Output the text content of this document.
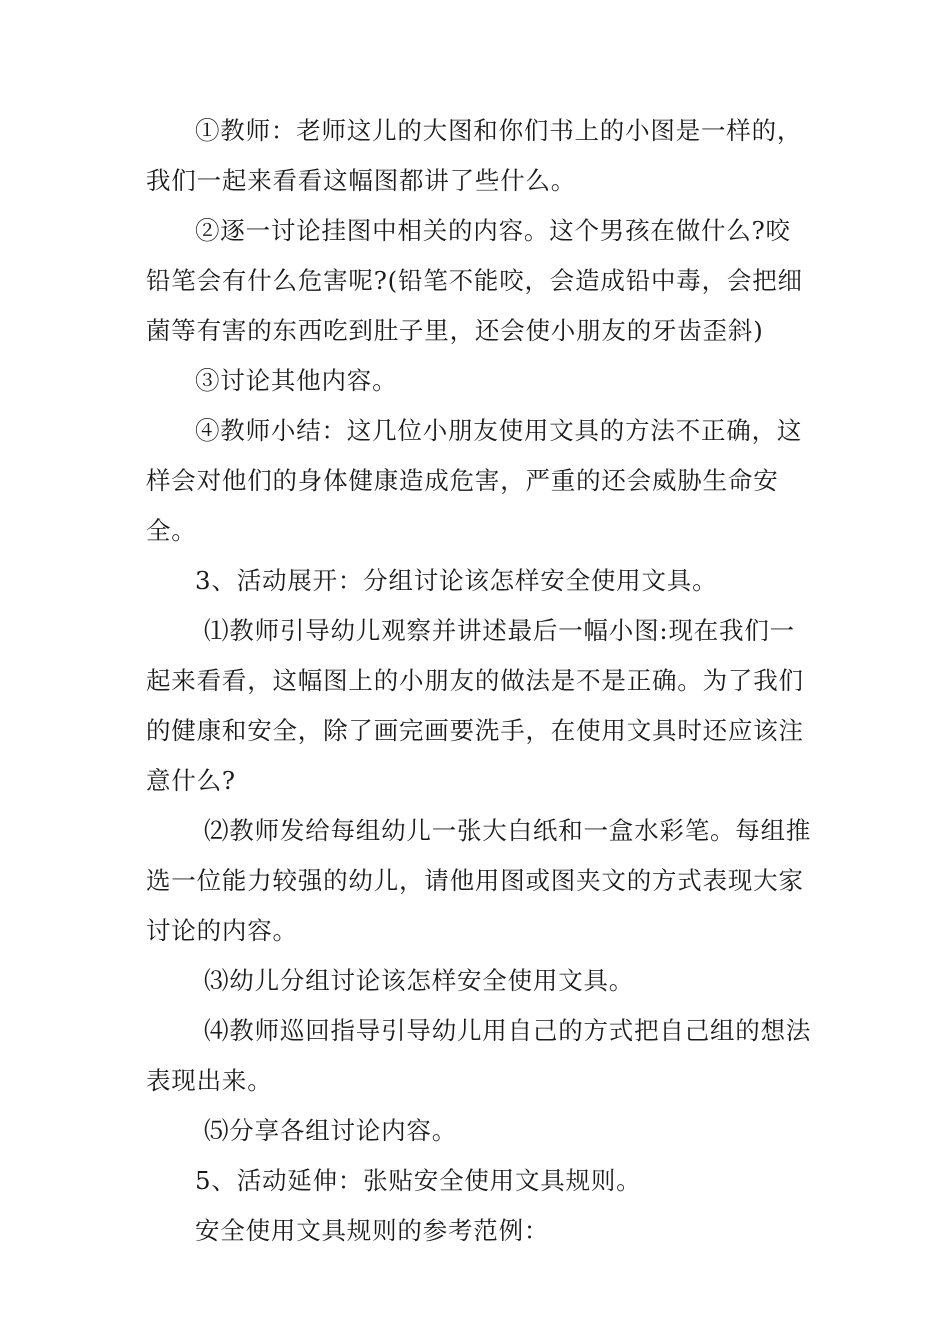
①教师：老师这儿的大图和你们书上的小图是一样的，我们一起来看看这幅图都讲了些什么。

②逐一讨论挂图中相关的内容。这个男孩在做什么?咬铅笔会有什么危害呢?(铅笔不能咬，会造成铅中毒，会把细菌等有害的东西吃到肚子里，还会使小朋友的牙齿歪斜)

③讨论其他内容。

④教师小结：这几位小朋友使用文具的方法不正确，这样会对他们的身体健康造成危害，严重的还会威胁生命安全。

3、活动展开：分组讨论该怎样安全使用文具。

⑴教师引导幼儿观察并讲述最后一幅小图:现在我们一起来看看，这幅图上的小朋友的做法是不是正确。为了我们的健康和安全，除了画完画要洗手，在使用文具时还应该注意什么?

⑵教师发给每组幼儿一张大白纸和一盒水彩笔。每组推选一位能力较强的幼儿，请他用图或图夹文的方式表现大家讨论的内容。

⑶幼儿分组讨论该怎样安全使用文具。

⑷教师巡回指导引导幼儿用自己的方式把自己组的想法表现出来。

⑸分享各组讨论内容。

5、活动延伸：张贴安全使用文具规则。

安全使用文具规则的参考范例：
